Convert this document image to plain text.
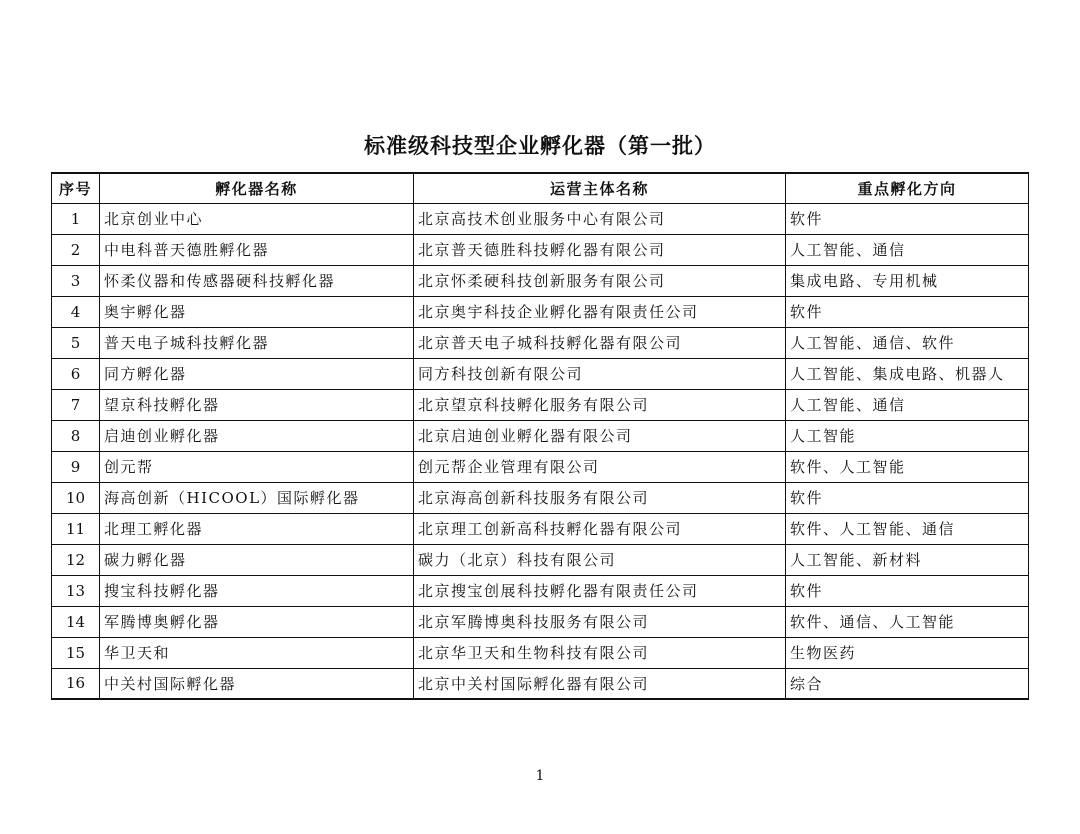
标准级科技型企业孵化器（第一批）
序号	孵化器名称	运营主体名称	重点孵化方向
1	北京创业中心	北京高技术创业服务中心有限公司	软件
2	中电科普天德胜孵化器	北京普天德胜科技孵化器有限公司	人工智能、通信
3	怀柔仪器和传感器硬科技孵化器	北京怀柔硬科技创新服务有限公司	集成电路、专用机械
4	奥宇孵化器	北京奥宇科技企业孵化器有限责任公司	软件
5	普天电子城科技孵化器	北京普天电子城科技孵化器有限公司	人工智能、通信、软件
6	同方孵化器	同方科技创新有限公司	人工智能、集成电路、机器人
7	望京科技孵化器	北京望京科技孵化服务有限公司	人工智能、通信
8	启迪创业孵化器	北京启迪创业孵化器有限公司	人工智能
9	创元帮	创元帮企业管理有限公司	软件、人工智能
10	海高创新（HICOOL）国际孵化器	北京海高创新科技服务有限公司	软件
11	北理工孵化器	北京理工创新高科技孵化器有限公司	软件、人工智能、通信
12	碳力孵化器	碳力（北京）科技有限公司	人工智能、新材料
13	搜宝科技孵化器	北京搜宝创展科技孵化器有限责任公司	软件
14	军腾博奥孵化器	北京军腾博奥科技服务有限公司	软件、通信、人工智能
15	华卫天和	北京华卫天和生物科技有限公司	生物医药
16	中关村国际孵化器	北京中关村国际孵化器有限公司	综合
1
